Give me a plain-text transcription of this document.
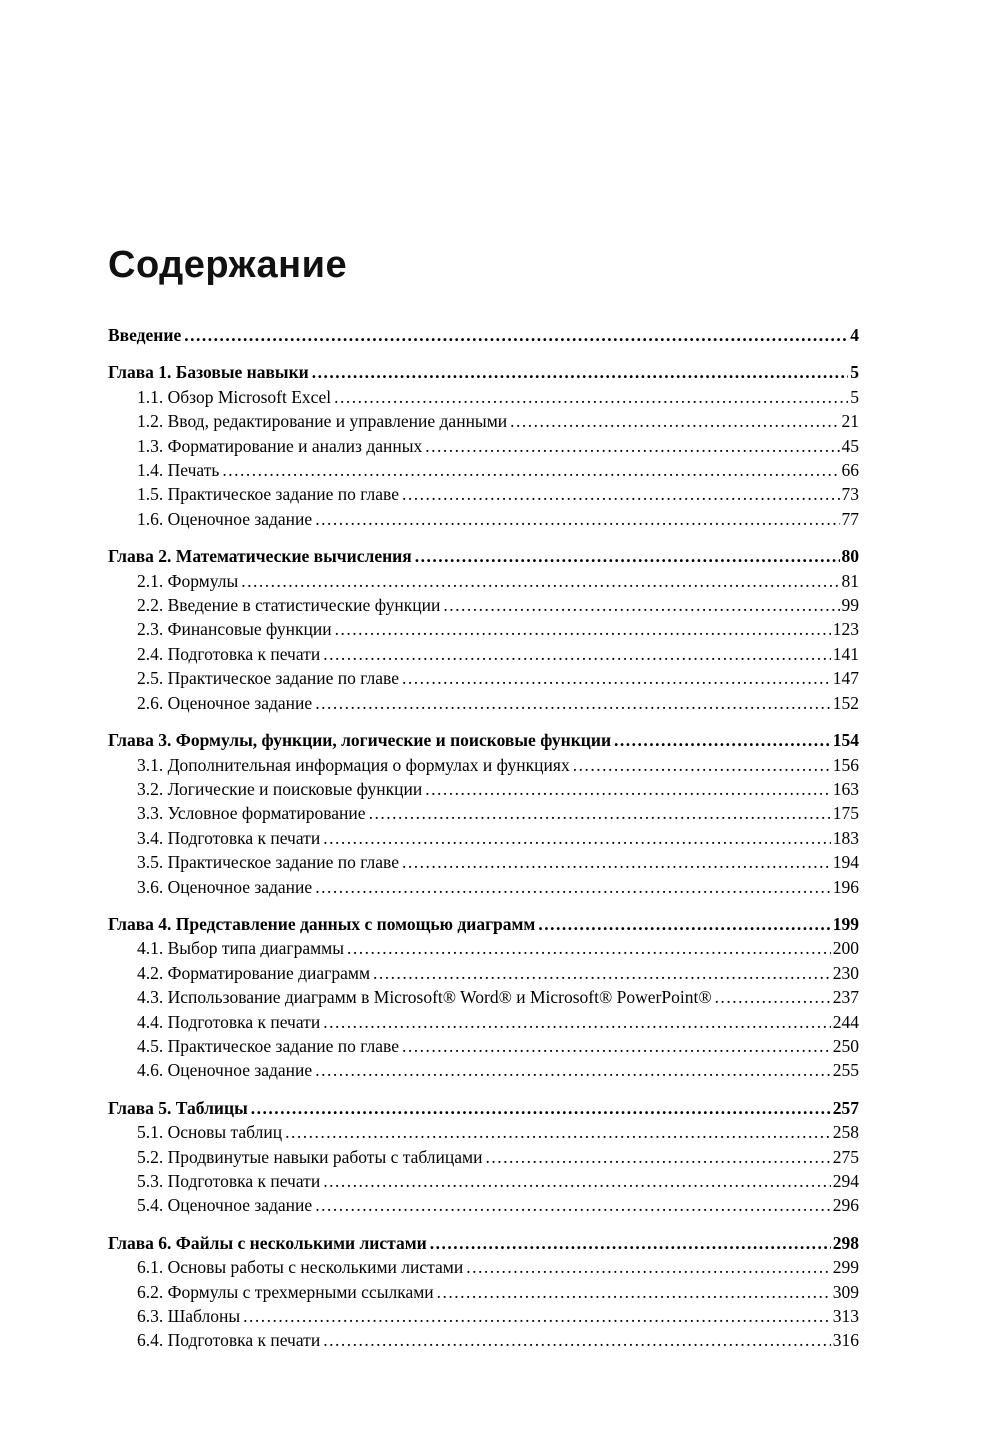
Содержание
Введение .....	4
Глава 1. Базовые навыки .....	5
1.1. Обзор Microsoft Excel .....	5
1.2. Ввод, редактирование и управление данными .....	21
1.3. Форматирование и анализ данных .....	45
1.4. Печать .....	66
1.5. Практическое задание по главе .....	73
1.6. Оценочное задание .....	77
Глава 2. Математические вычисления .....	80
2.1. Формулы .....	81
2.2. Введение в статистические функции .....	99
2.3. Финансовые функции .....	123
2.4. Подготовка к печати .....	141
2.5. Практическое задание по главе .....	147
2.6. Оценочное задание .....	152
Глава 3. Формулы, функции, логические и поисковые функции .....	154
3.1. Дополнительная информация о формулах и функциях .....	156
3.2. Логические и поисковые функции .....	163
3.3. Условное форматирование .....	175
3.4. Подготовка к печати .....	183
3.5. Практическое задание по главе .....	194
3.6. Оценочное задание .....	196
Глава 4. Представление данных с помощью диаграмм .....	199
4.1. Выбор типа диаграммы .....	200
4.2. Форматирование диаграмм .....	230
4.3. Использование диаграмм в Microsoft® Word® и Microsoft® PowerPoint® .....	237
4.4. Подготовка к печати .....	244
4.5. Практическое задание по главе .....	250
4.6. Оценочное задание .....	255
Глава 5. Таблицы .....	257
5.1. Основы таблиц .....	258
5.2. Продвинутые навыки работы с таблицами .....	275
5.3. Подготовка к печати .....	294
5.4. Оценочное задание .....	296
Глава 6. Файлы с несколькими листами .....	298
6.1. Основы работы с несколькими листами .....	299
6.2. Формулы с трехмерными ссылками .....	309
6.3. Шаблоны .....	313
6.4. Подготовка к печати .....	316
